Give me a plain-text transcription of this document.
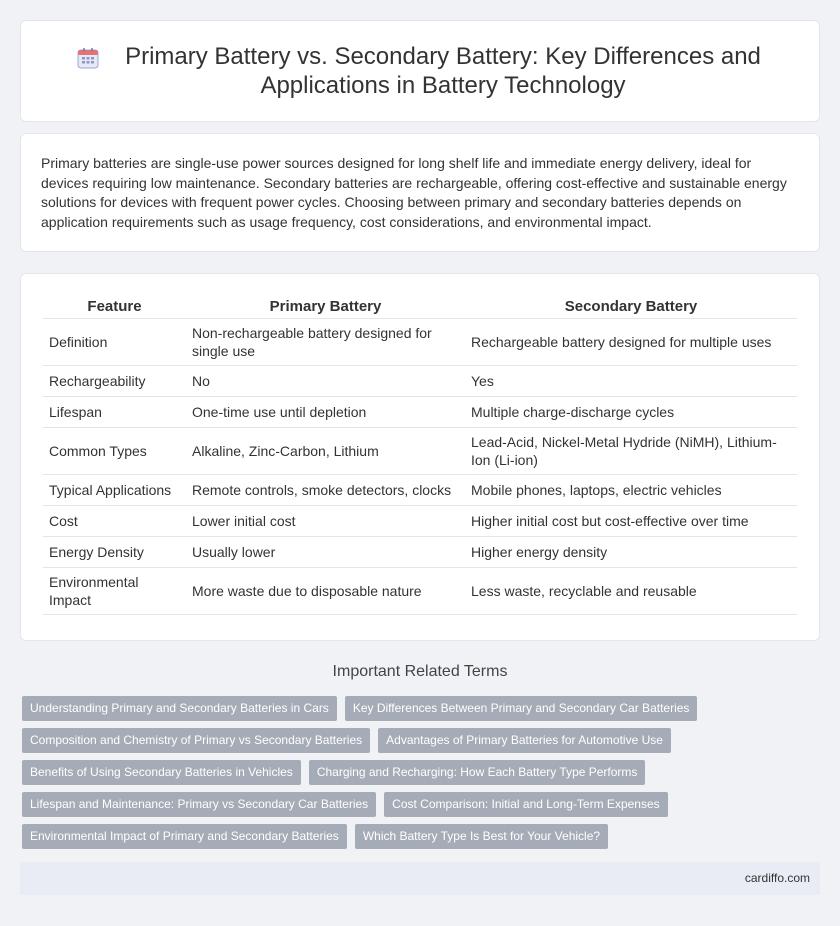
Primary Battery vs. Secondary Battery: Key Differences and Applications in Battery Technology

Primary batteries are single-use power sources designed for long shelf life and immediate energy delivery, ideal for devices requiring low maintenance. Secondary batteries are rechargeable, offering cost-effective and sustainable energy solutions for devices with frequent power cycles. Choosing between primary and secondary batteries depends on application requirements such as usage frequency, cost considerations, and environmental impact.

Feature	Primary Battery	Secondary Battery
Definition	Non-rechargeable battery designed for single use	Rechargeable battery designed for multiple uses
Rechargeability	No	Yes
Lifespan	One-time use until depletion	Multiple charge-discharge cycles
Common Types	Alkaline, Zinc-Carbon, Lithium	Lead-Acid, Nickel-Metal Hydride (NiMH), Lithium-Ion (Li-ion)
Typical Applications	Remote controls, smoke detectors, clocks	Mobile phones, laptops, electric vehicles
Cost	Lower initial cost	Higher initial cost but cost-effective over time
Energy Density	Usually lower	Higher energy density
Environmental Impact	More waste due to disposable nature	Less waste, recyclable and reusable
Important Related Terms
Understanding Primary and Secondary Batteries in Cars	Key Differences Between Primary and Secondary Car Batteries
Composition and Chemistry of Primary vs Secondary Batteries	Advantages of Primary Batteries for Automotive Use
Benefits of Using Secondary Batteries in Vehicles	Charging and Recharging: How Each Battery Type Performs
Lifespan and Maintenance: Primary vs Secondary Car Batteries	Cost Comparison: Initial and Long-Term Expenses
Environmental Impact of Primary and Secondary Batteries	Which Battery Type Is Best for Your Vehicle?
cardiffo.com
